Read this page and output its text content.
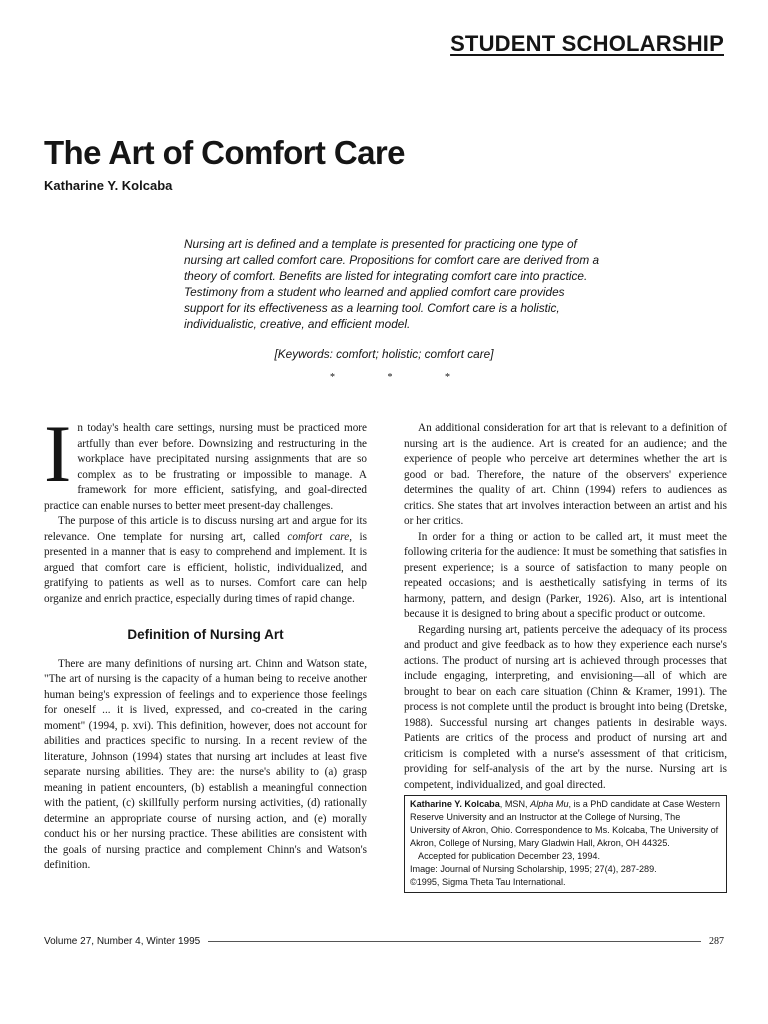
STUDENT SCHOLARSHIP
The Art of Comfort Care
Katharine Y. Kolcaba

Nursing art is defined and a template is presented for practicing one type of nursing art called comfort care. Propositions for comfort care are derived from a theory of comfort. Benefits are listed for integrating comfort care into practice. Testimony from a student who learned and applied comfort care provides support for its effectiveness as a learning tool. Comfort care is a holistic, individualistic, creative, and efficient model.

[Keywords: comfort; holistic; comfort care]
*	*	*

In today's health care settings, nursing must be practiced more artfully than ever before. Downsizing and restructuring in the workplace have precipitated nursing assignments that are so complex as to be frustrating or impossible to manage. A framework for more efficient, satisfying, and goal-directed practice can enable nurses to better meet present-day challenges.

The purpose of this article is to discuss nursing art and argue for its relevance. One template for nursing art, called comfort care, is presented in a manner that is easy to comprehend and implement. It is argued that comfort care is efficient, holistic, individualized, and gratifying to patients as well as to nurses. Comfort care can help organize and enrich practice, especially during times of rapid change.

Definition of Nursing Art

There are many definitions of nursing art. Chinn and Watson state, "The art of nursing is the capacity of a human being to receive another human being's expression of feelings and to experience those feelings for oneself ... it is lived, expressed, and co-created in the caring moment" (1994, p. xvi). This definition, however, does not account for abilities and practices specific to nursing. In a recent review of the literature, Johnson (1994) states that nursing art includes at least five separate nursing abilities. They are: the nurse's ability to (a) grasp meaning in patient encounters, (b) establish a meaningful connection with the patient, (c) skillfully perform nursing activities, (d) rationally determine an appropriate course of nursing action, and (e) morally conduct his or her nursing practice. These abilities are consistent with the goals of nursing practice and complement Chinn's and Watson's definition.

An additional consideration for art that is relevant to a definition of nursing art is the audience. Art is created for an audience; and the experience of people who perceive art determines whether the art is good or bad. Therefore, the nature of the observers' experience determines the quality of art. Chinn (1994) refers to audiences as critics. She states that art involves interaction between an artist and his or her critics.

In order for a thing or action to be called art, it must meet the following criteria for the audience: It must be something that satisfies in present experience; is a source of satisfaction to many people on repeated occasions; and is aesthetically satisfying in terms of its harmony, pattern, and design (Parker, 1926). Also, art is intentional because it is designed to bring about a specific product or outcome.

Regarding nursing art, patients perceive the adequacy of its process and product and give feedback as to how they experience each nurse's actions. The product of nursing art is achieved through processes that include engaging, interpreting, and envisioning—all of which are brought to bear on each care situation (Chinn & Kramer, 1991). The process is not complete until the product is brought into being (Dretske, 1988). Successful nursing art changes patients in desirable ways. Patients are critics of the process and product of nursing art and criticism is completed with a nurse's assessment of that criticism, providing for self-analysis of the art by the nurse. Nursing art is competent, individualized, and goal directed.

Katharine Y. Kolcaba, MSN, Alpha Mu, is a PhD candidate at Case Western Reserve University and an Instructor at the College of Nursing, The University of Akron, Ohio. Correspondence to Ms. Kolcaba, The University of Akron, College of Nursing, Mary Gladwin Hall, Akron, OH 44325.

Accepted for publication December 23, 1994.

Image: Journal of Nursing Scholarship, 1995; 27(4), 287-289.

©1995, Sigma Theta Tau International.

Volume 27, Number 4, Winter 1995	287
